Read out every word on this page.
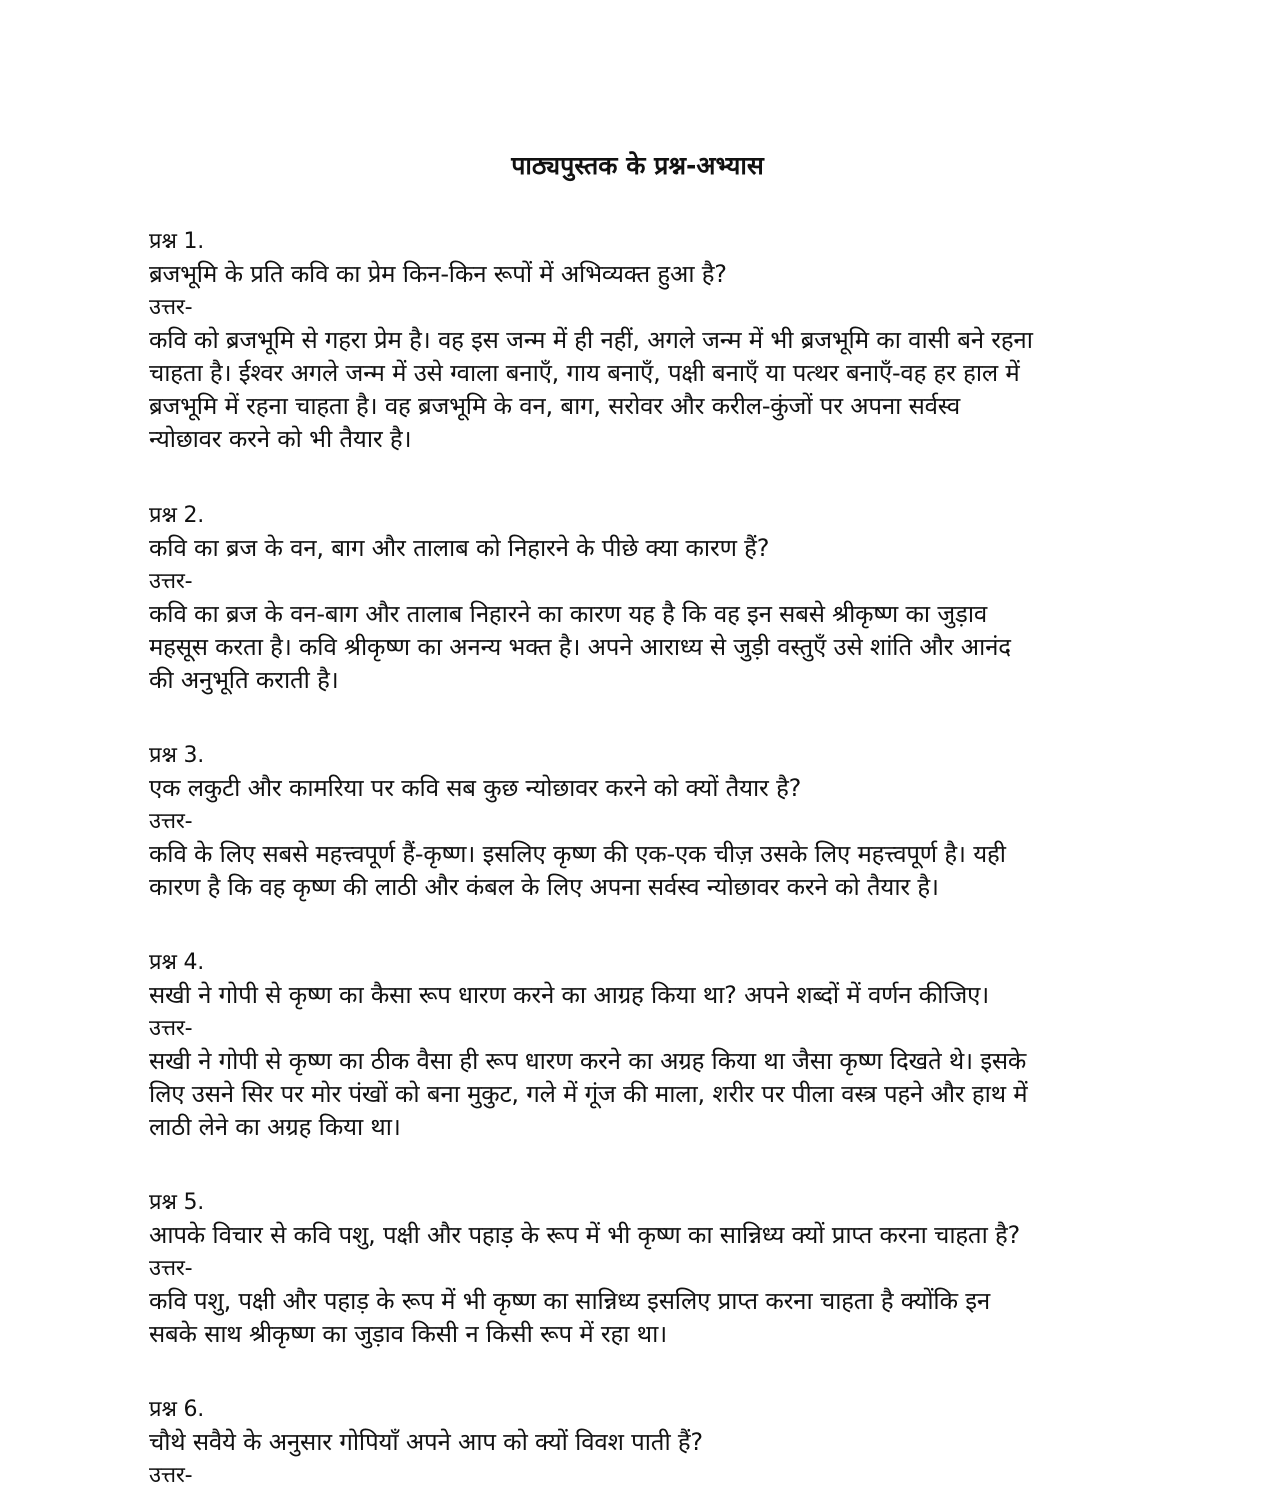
पाठ्यपुस्तक के प्रश्न-अभ्यास

प्रश्न 1.

ब्रजभूमि के प्रति कवि का प्रेम किन-किन रूपों में अभिव्यक्त हुआ है?

उत्तर-

कवि को ब्रजभूमि से गहरा प्रेम है। वह इस जन्म में ही नहीं, अगले जन्म में भी ब्रजभूमि का वासी बने रहना

चाहता है। ईश्वर अगले जन्म में उसे ग्वाला बनाएँ, गाय बनाएँ, पक्षी बनाएँ या पत्थर बनाएँ-वह हर हाल में

ब्रजभूमि में रहना चाहता है। वह ब्रजभूमि के वन, बाग, सरोवर और करील-कुंजों पर अपना सर्वस्व

न्योछावर करने को भी तैयार है।

प्रश्न 2.

कवि का ब्रज के वन, बाग और तालाब को निहारने के पीछे क्या कारण हैं?

उत्तर-

कवि का ब्रज के वन-बाग और तालाब निहारने का कारण यह है कि वह इन सबसे श्रीकृष्ण का जुड़ाव

महसूस करता है। कवि श्रीकृष्ण का अनन्य भक्त है। अपने आराध्य से जुड़ी वस्तुएँ उसे शांति और आनंद

की अनुभूति कराती है।

प्रश्न 3.

एक लकुटी और कामरिया पर कवि सब कुछ न्योछावर करने को क्यों तैयार है?

उत्तर-

कवि के लिए सबसे महत्त्वपूर्ण हैं-कृष्ण। इसलिए कृष्ण की एक-एक चीज़ उसके लिए महत्त्वपूर्ण है। यही

कारण है कि वह कृष्ण की लाठी और कंबल के लिए अपना सर्वस्व न्योछावर करने को तैयार है।

प्रश्न 4.

सखी ने गोपी से कृष्ण का कैसा रूप धारण करने का आग्रह किया था? अपने शब्दों में वर्णन कीजिए।

उत्तर-

सखी ने गोपी से कृष्ण का ठीक वैसा ही रूप धारण करने का अग्रह किया था जैसा कृष्ण दिखते थे। इसके

लिए उसने सिर पर मोर पंखों को बना मुकुट, गले में गूंज की माला, शरीर पर पीला वस्त्र पहने और हाथ में

लाठी लेने का अग्रह किया था।

प्रश्न 5.

आपके विचार से कवि पशु, पक्षी और पहाड़ के रूप में भी कृष्ण का सान्निध्य क्यों प्राप्त करना चाहता है?

उत्तर-

कवि पशु, पक्षी और पहाड़ के रूप में भी कृष्ण का सान्निध्य इसलिए प्राप्त करना चाहता है क्योंकि इन

सबके साथ श्रीकृष्ण का जुड़ाव किसी न किसी रूप में रहा था।

प्रश्न 6.

चौथे सवैये के अनुसार गोपियाँ अपने आप को क्यों विवश पाती हैं?

उत्तर-
